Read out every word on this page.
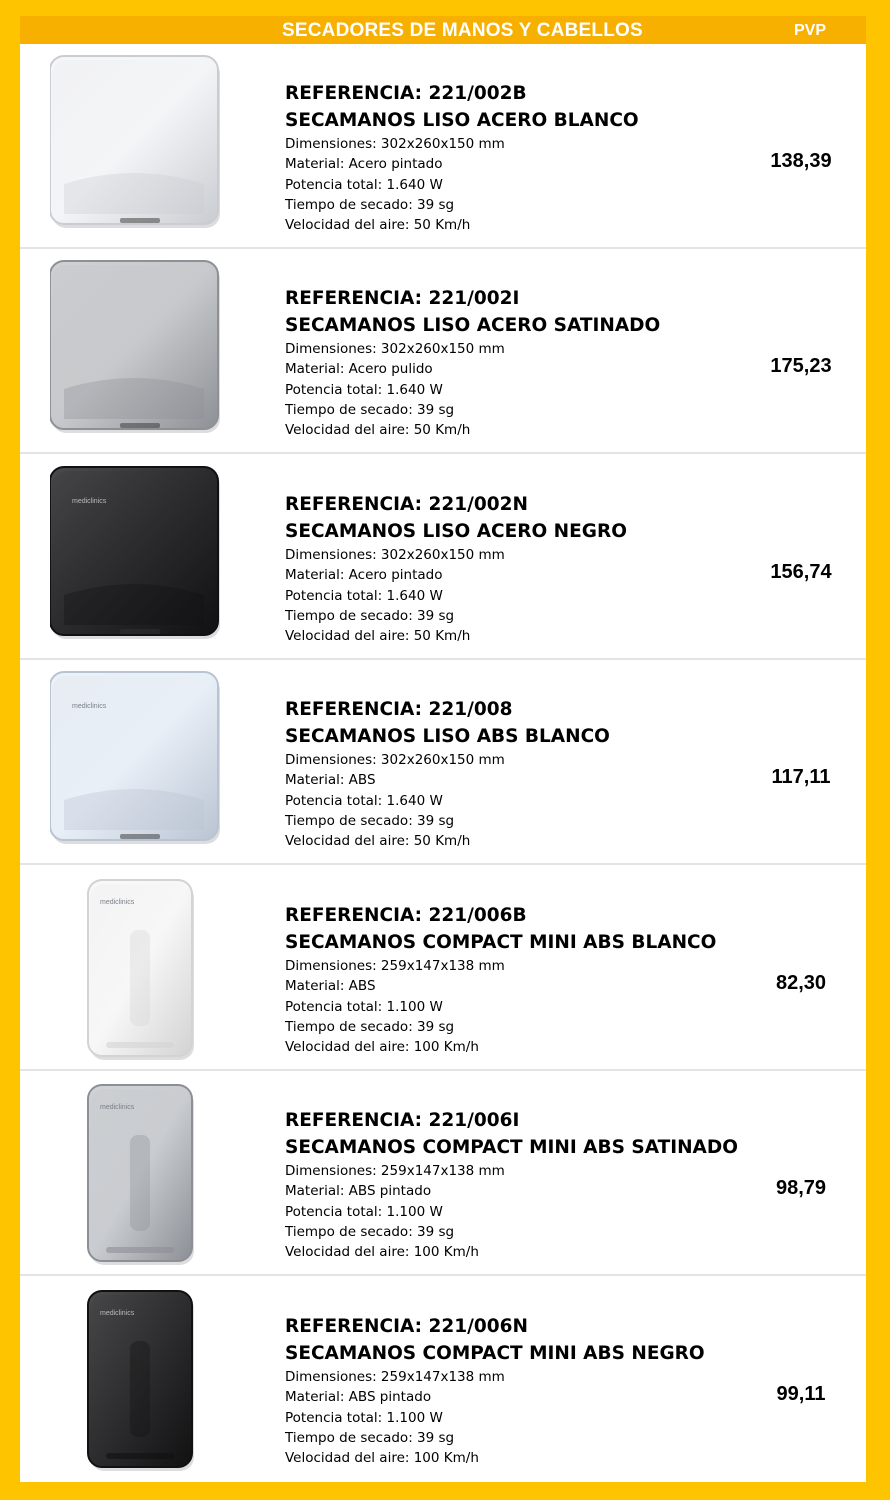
SECADORES DE MANOS Y CABELLOS	PVP
REFERENCIA: 221/002B
SECAMANOS LISO ACERO BLANCO
Dimensiones: 302x260x150 mm
Material: Acero pintado
Potencia total: 1.640 W
Tiempo de secado: 39 sg
Velocidad del aire: 50 Km/h
138,39
REFERENCIA: 221/002I
SECAMANOS LISO ACERO SATINADO
Dimensiones: 302x260x150 mm
Material: Acero pulido
Potencia total: 1.640 W
Tiempo de secado: 39 sg
Velocidad del aire: 50 Km/h
175,23
mediclinics	REFERENCIA: 221/002N
SECAMANOS LISO ACERO NEGRO
Dimensiones: 302x260x150 mm
Material: Acero pintado
Potencia total: 1.640 W
Tiempo de secado: 39 sg
Velocidad del aire: 50 Km/h
156,74
mediclinics	REFERENCIA: 221/008
SECAMANOS LISO ABS BLANCO
Dimensiones: 302x260x150 mm
Material: ABS
Potencia total: 1.640 W
Tiempo de secado: 39 sg
Velocidad del aire: 50 Km/h
117,11
mediclinics
REFERENCIA: 221/006B
SECAMANOS COMPACT MINI ABS BLANCO
Dimensiones: 259x147x138 mm
Material: ABS
Potencia total: 1.100 W
Tiempo de secado: 39 sg
Velocidad del aire: 100 Km/h
82,30
mediclinics
REFERENCIA: 221/006I
SECAMANOS COMPACT MINI ABS SATINADO
Dimensiones: 259x147x138 mm
Material: ABS pintado
Potencia total: 1.100 W
Tiempo de secado: 39 sg
Velocidad del aire: 100 Km/h
98,79
mediclinics
REFERENCIA: 221/006N
SECAMANOS COMPACT MINI ABS NEGRO
Dimensiones: 259x147x138 mm
Material: ABS pintado
Potencia total: 1.100 W
Tiempo de secado: 39 sg
Velocidad del aire: 100 Km/h
99,11
